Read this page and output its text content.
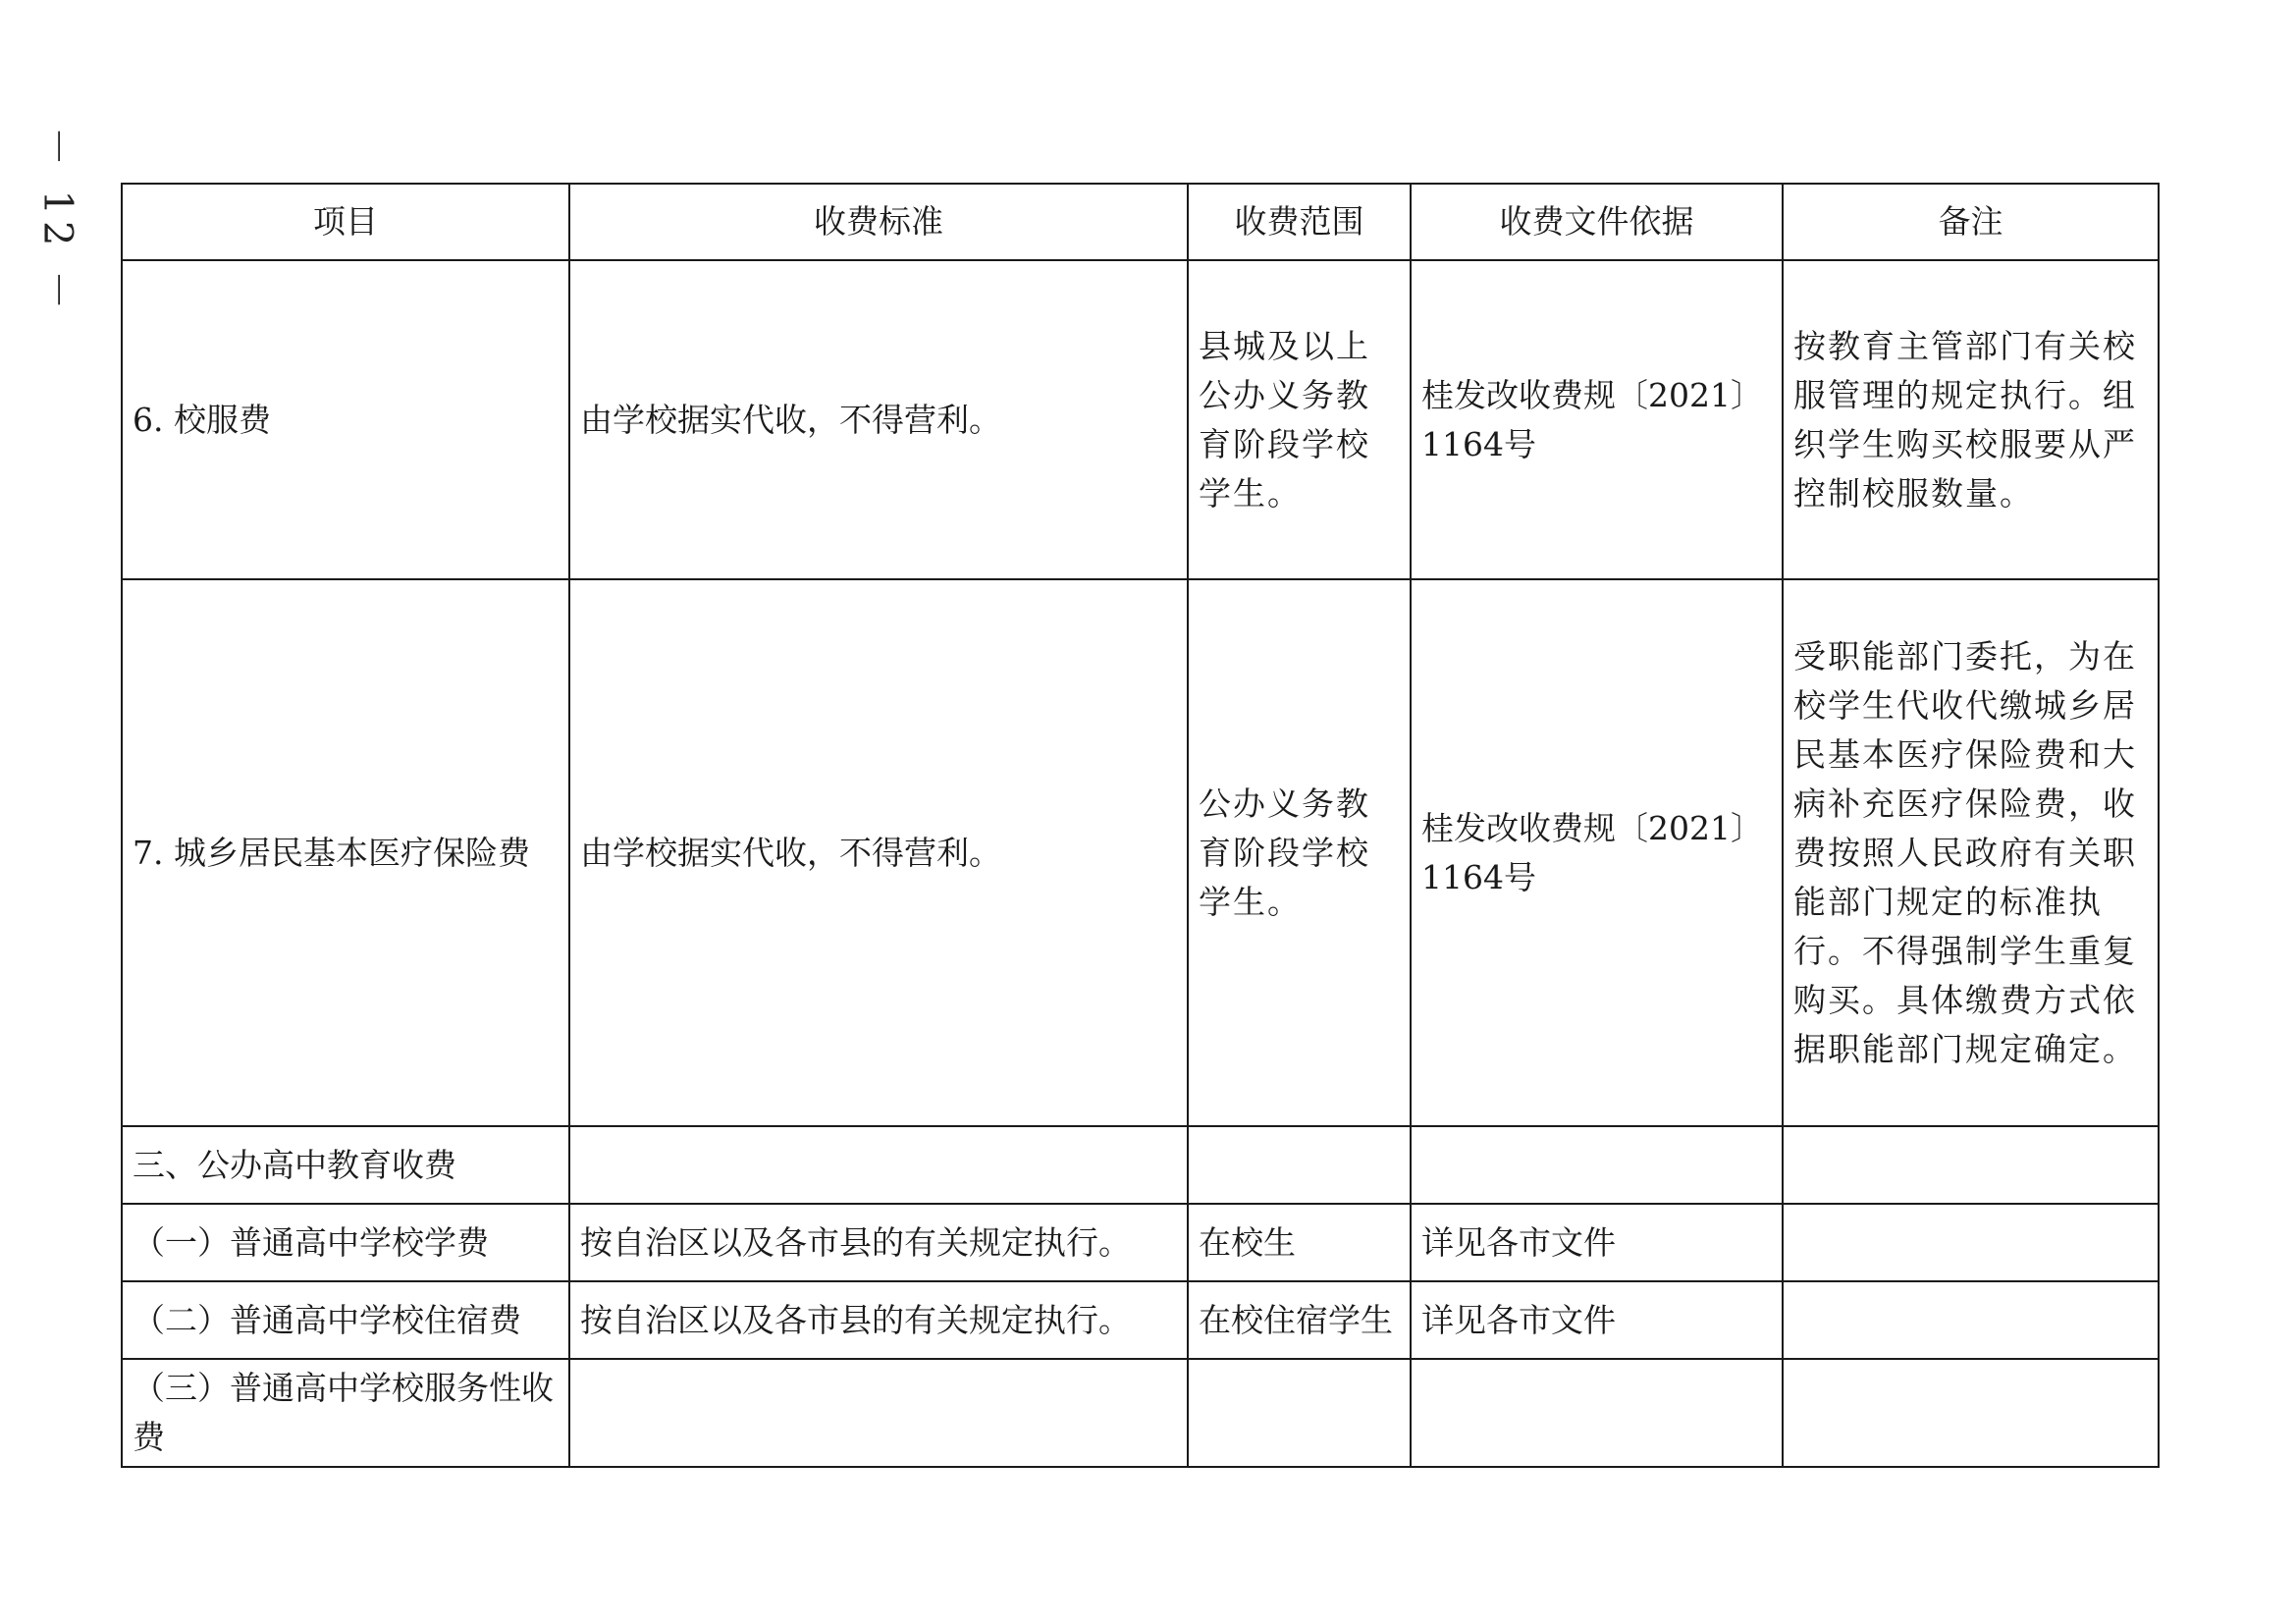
－ 12 －	项目	收费标准	收费范围	收费文件依据	备注
6. 校服费	由学校据实代收，不得营利。	县城及以上公办义务教育阶段学校学生。	桂发改收费规〔2021〕1164号	按教育主管部门有关校服管理的规定执行。组织学生购买校服要从严控制校服数量。
7. 城乡居民基本医疗保险费	由学校据实代收，不得营利。	公办义务教育阶段学校学生。	桂发改收费规〔2021〕1164号	受职能部门委托，为在校学生代收代缴城乡居民基本医疗保险费和大病补充医疗保险费，收费按照人民政府有关职能部门规定的标准执行。不得强制学生重复购买。具体缴费方式依据职能部门规定确定。
三、公办高中教育收费				
（一）普通高中学校学费	按自治区以及各市县的有关规定执行。	在校生	详见各市文件	
（二）普通高中学校住宿费	按自治区以及各市县的有关规定执行。	在校住宿学生	详见各市文件	
（三）普通高中学校服务性收费				
